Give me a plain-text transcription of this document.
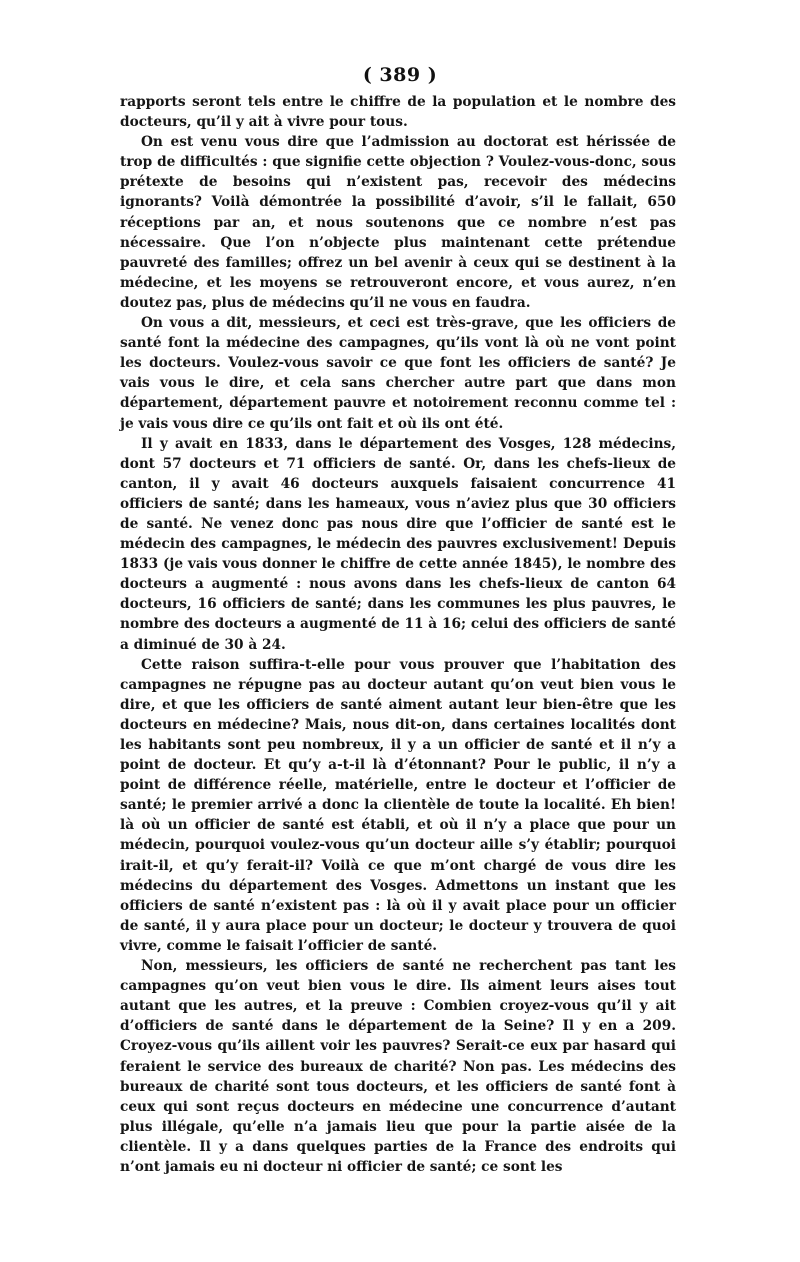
( 389 )

rapports seront tels entre le chiffre de la population et le nombre des docteurs, qu’il y ait à vivre pour tous.

On est venu vous dire que l’admission au doctorat est hérissée de trop de difficultés : que signifie cette objection ? Voulez-vous-donc, sous prétexte de besoins qui n’existent pas, recevoir des médecins ignorants? Voilà démontrée la possibilité d’avoir, s’il le fallait, 650 réceptions par an, et nous soutenons que ce nombre n’est pas nécessaire. Que l’on n’objecte plus maintenant cette prétendue pauvreté des familles; offrez un bel avenir à ceux qui se destinent à la médecine, et les moyens se retrouveront encore, et vous aurez, n’en doutez pas, plus de médecins qu’il ne vous en faudra.

On vous a dit, messieurs, et ceci est très-grave, que les officiers de santé font la médecine des campagnes, qu’ils vont là où ne vont point les docteurs. Voulez-vous savoir ce que font les officiers de santé? Je vais vous le dire, et cela sans chercher autre part que dans mon département, département pauvre et notoirement reconnu comme tel : je vais vous dire ce qu’ils ont fait et où ils ont été.

Il y avait en 1833, dans le département des Vosges, 128 médecins, dont 57 docteurs et 71 officiers de santé. Or, dans les chefs-lieux de canton, il y avait 46 docteurs auxquels faisaient concurrence 41 officiers de santé; dans les hameaux, vous n’aviez plus que 30 officiers de santé. Ne venez donc pas nous dire que l’officier de santé est le médecin des campagnes, le médecin des pauvres exclusivement! Depuis 1833 (je vais vous donner le chiffre de cette année 1845), le nombre des docteurs a augmenté : nous avons dans les chefs-lieux de canton 64 docteurs, 16 officiers de santé; dans les communes les plus pauvres, le nombre des docteurs a augmenté de 11 à 16; celui des officiers de santé a diminué de 30 à 24.

Cette raison suffira-t-elle pour vous prouver que l’habitation des campagnes ne répugne pas au docteur autant qu’on veut bien vous le dire, et que les officiers de santé aiment autant leur bien-être que les docteurs en médecine? Mais, nous dit-on, dans certaines localités dont les habitants sont peu nombreux, il y a un officier de santé et il n’y a point de docteur. Et qu’y a-t-il là d’étonnant? Pour le public, il n’y a point de différence réelle, matérielle, entre le docteur et l’officier de santé; le premier arrivé a donc la clientèle de toute la localité. Eh bien! là où un officier de santé est établi, et où il n’y a place que pour un médecin, pourquoi voulez-vous qu’un docteur aille s’y établir; pourquoi irait-il, et qu’y ferait-il? Voilà ce que m’ont chargé de vous dire les médecins du département des Vosges. Admettons un instant que les officiers de santé n’existent pas : là où il y avait place pour un officier de santé, il y aura place pour un docteur; le docteur y trouvera de quoi vivre, comme le faisait l’officier de santé.

Non, messieurs, les officiers de santé ne recherchent pas tant les campagnes qu’on veut bien vous le dire. Ils aiment leurs aises tout autant que les autres, et la preuve : Combien croyez-vous qu’il y ait d’officiers de santé dans le département de la Seine? Il y en a 209. Croyez-vous qu’ils aillent voir les pauvres? Serait-ce eux par hasard qui feraient le service des bureaux de charité? Non pas. Les médecins des bureaux de charité sont tous docteurs, et les officiers de santé font à ceux qui sont reçus docteurs en médecine une concurrence d’autant plus illégale, qu’elle n’a jamais lieu que pour la partie aisée de la clientèle. Il y a dans quelques parties de la France des endroits qui n’ont jamais eu ni docteur ni officier de santé; ce sont les
